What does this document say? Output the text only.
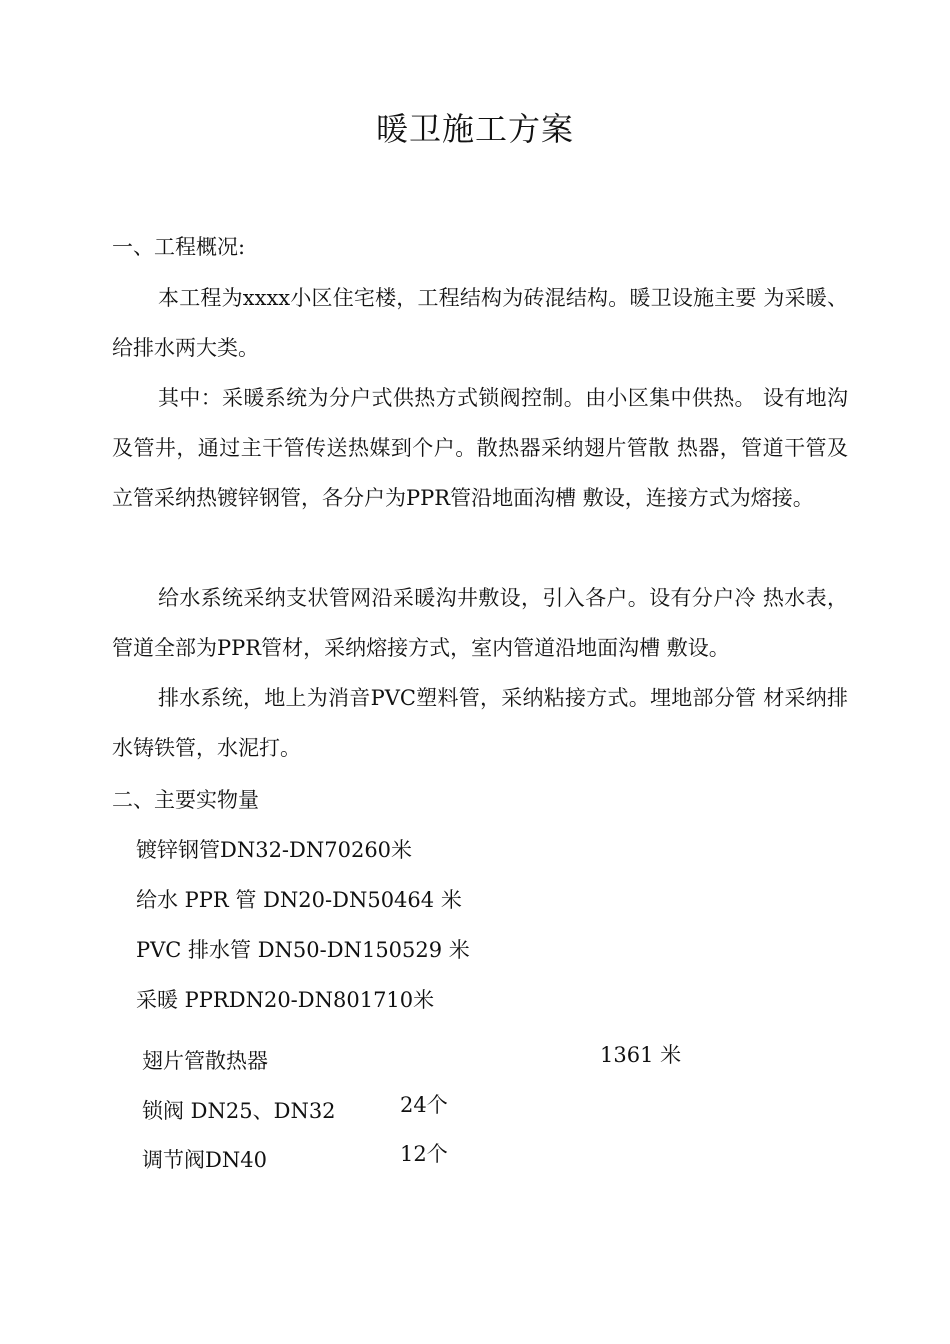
暖卫施工方案
一、工程概况:
本工程为xxxx小区住宅楼，工程结构为砖混结构。暖卫设施主要 为采暖、给排水两大类。
其中：采暖系统为分户式供热方式锁阀控制。由小区集中供热。 设有地沟及管井，通过主干管传送热媒到个户。散热器采纳翅片管散 热器，管道干管及立管采纳热镀锌钢管，各分户为PPR管沿地面沟槽 敷设，连接方式为熔接。
给水系统采纳支状管网沿采暖沟井敷设，引入各户。设有分户冷 热水表，管道全部为PPR管材，采纳熔接方式，室内管道沿地面沟槽 敷设。
排水系统，地上为消音PVC塑料管，采纳粘接方式。埋地部分管 材采纳排水铸铁管，水泥打。
二、主要实物量
镀锌钢管DN32-DN70260米
给水 PPR 管 DN20-DN50464 米
PVC 排水管 DN50-DN150529 米
采暖 PPRDN20-DN801710米
翅片管散热器	1361 米
锁阀 DN25、DN32	24个
调节阀DN40	12个
